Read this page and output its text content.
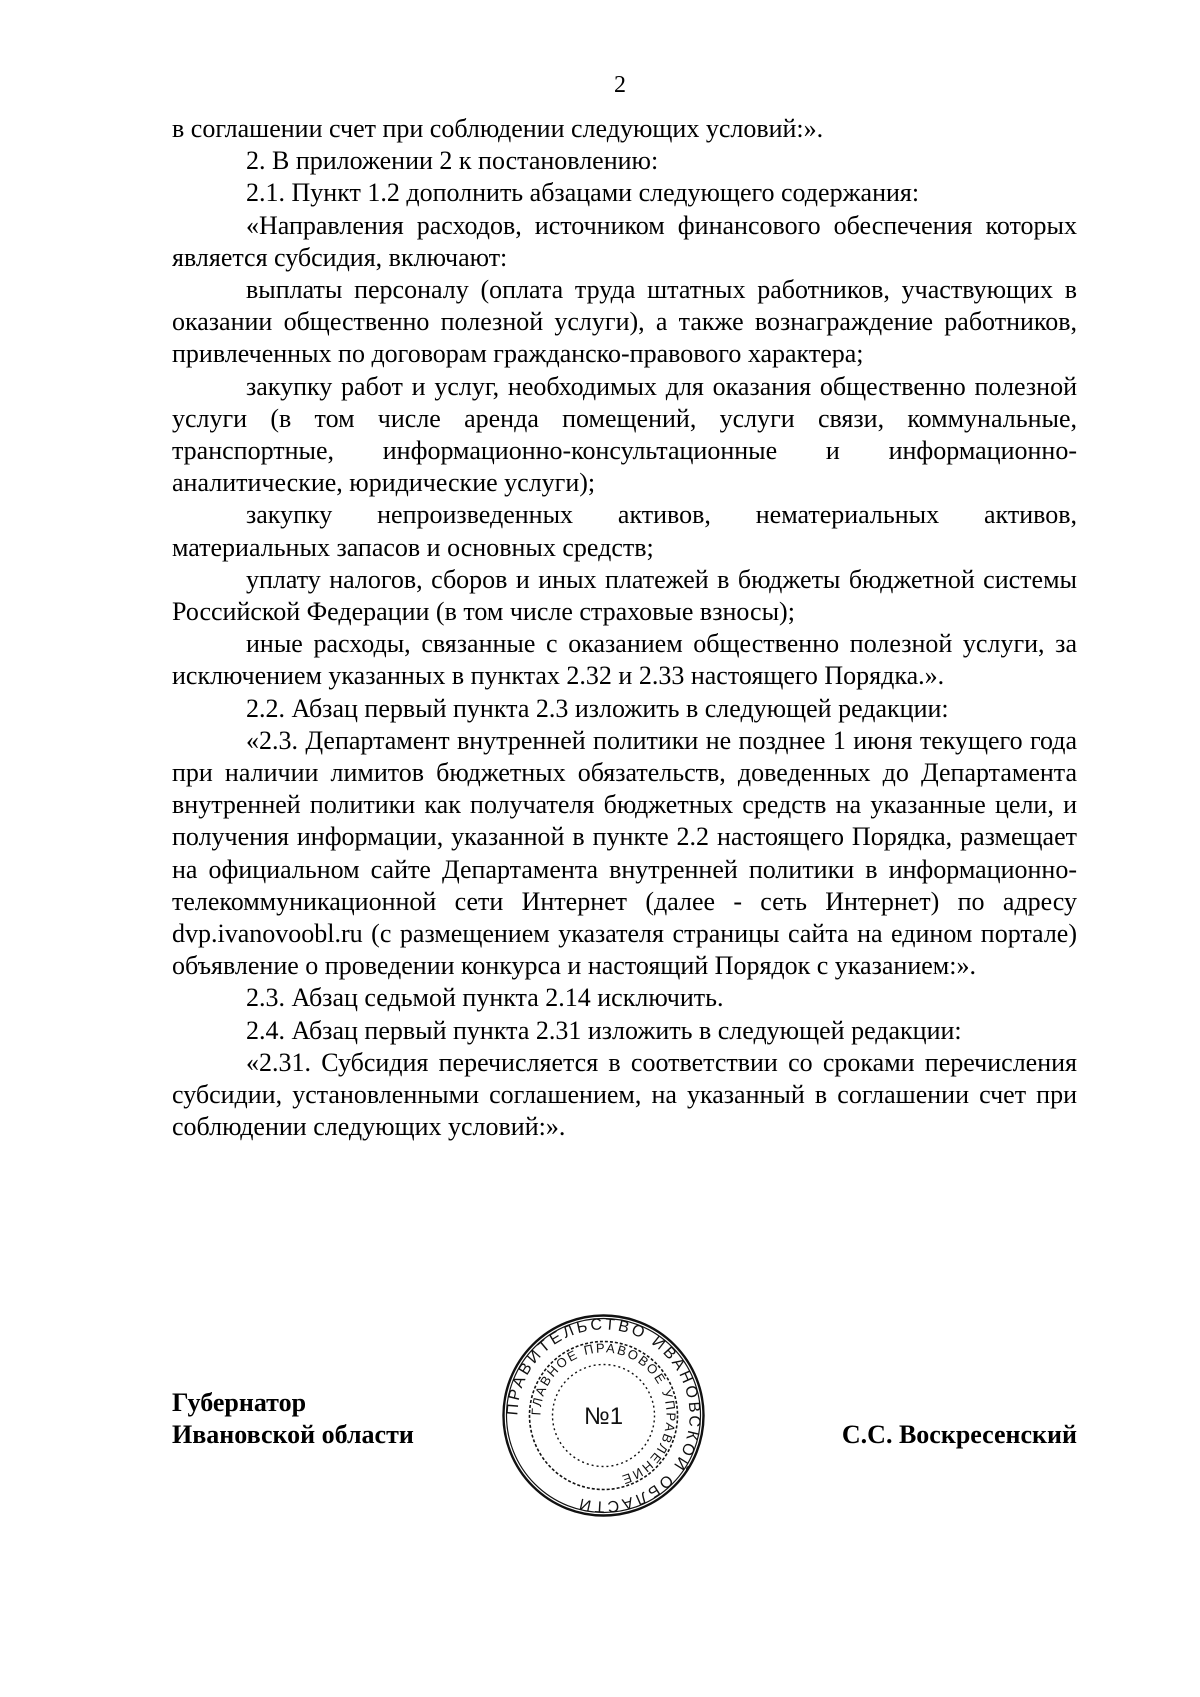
2

в соглашении счет при соблюдении следующих условий:».

2. В приложении 2 к постановлению:

2.1. Пункт 1.2 дополнить абзацами следующего содержания:

«Направления расходов, источником финансового обеспечения которых является субсидия, включают:

выплаты персоналу (оплата труда штатных работников, участвующих в оказании общественно полезной услуги), а также вознаграждение работников, привлеченных по договорам гражданско-правового характера;

закупку работ и услуг, необходимых для оказания общественно полезной услуги (в том числе аренда помещений, услуги связи, коммунальные, транспортные, информационно-консультационные и информационно-аналитические, юридические услуги);

закупку непроизведенных активов, нематериальных активов, материальных запасов и основных средств;

уплату налогов, сборов и иных платежей в бюджеты бюджетной системы Российской Федерации (в том числе страховые взносы);

иные расходы, связанные с оказанием общественно полезной услуги, за исключением указанных в пунктах 2.32 и 2.33 настоящего Порядка.».

2.2. Абзац первый пункта 2.3 изложить в следующей редакции:

«2.3. Департамент внутренней политики не позднее 1 июня текущего года при наличии лимитов бюджетных обязательств, доведенных до Департамента внутренней политики как получателя бюджетных средств на указанные цели, и получения информации, указанной в пункте 2.2 настоящего Порядка, размещает на официальном сайте Департамента внутренней политики в информационно-телекоммуникационной сети Интернет (далее - сеть Интернет) по адресу dvp.ivanovoobl.ru (с размещением указателя страницы сайта на едином портале) объявление о проведении конкурса и настоящий Порядок с указанием:».

2.3. Абзац седьмой пункта 2.14 исключить.

2.4. Абзац первый пункта 2.31 изложить в следующей редакции:

«2.31. Субсидия перечисляется в соответствии со сроками перечисления субсидии, установленными соглашением, на указанный в соглашении счет при соблюдении следующих условий:».

Губернатор
Ивановской области	С.С. Воскресенский
ПРАВИТЕЛЬСТВО ИВАНОВСКОЙ ОБЛАСТИ
ГЛАВНОЕ ПРАВОВОЕ УПРАВЛЕНИЕ
№1
